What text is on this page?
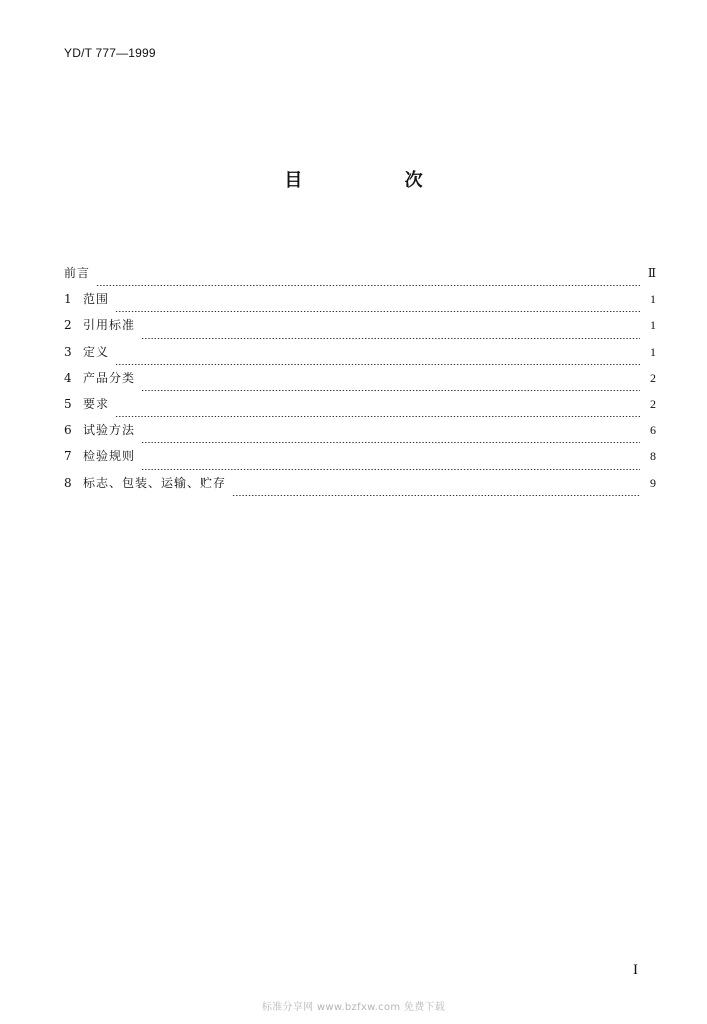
YD/T 777—1999
目 次
前言	Ⅱ
1 范围	1
2 引用标准	1
3 定义	1
4 产品分类	2
5 要求	2
6 试验方法	6
7 检验规则	8
8 标志、包装、运输、贮存	9
I
标准分享网 www.bzfxw.com 免费下载
